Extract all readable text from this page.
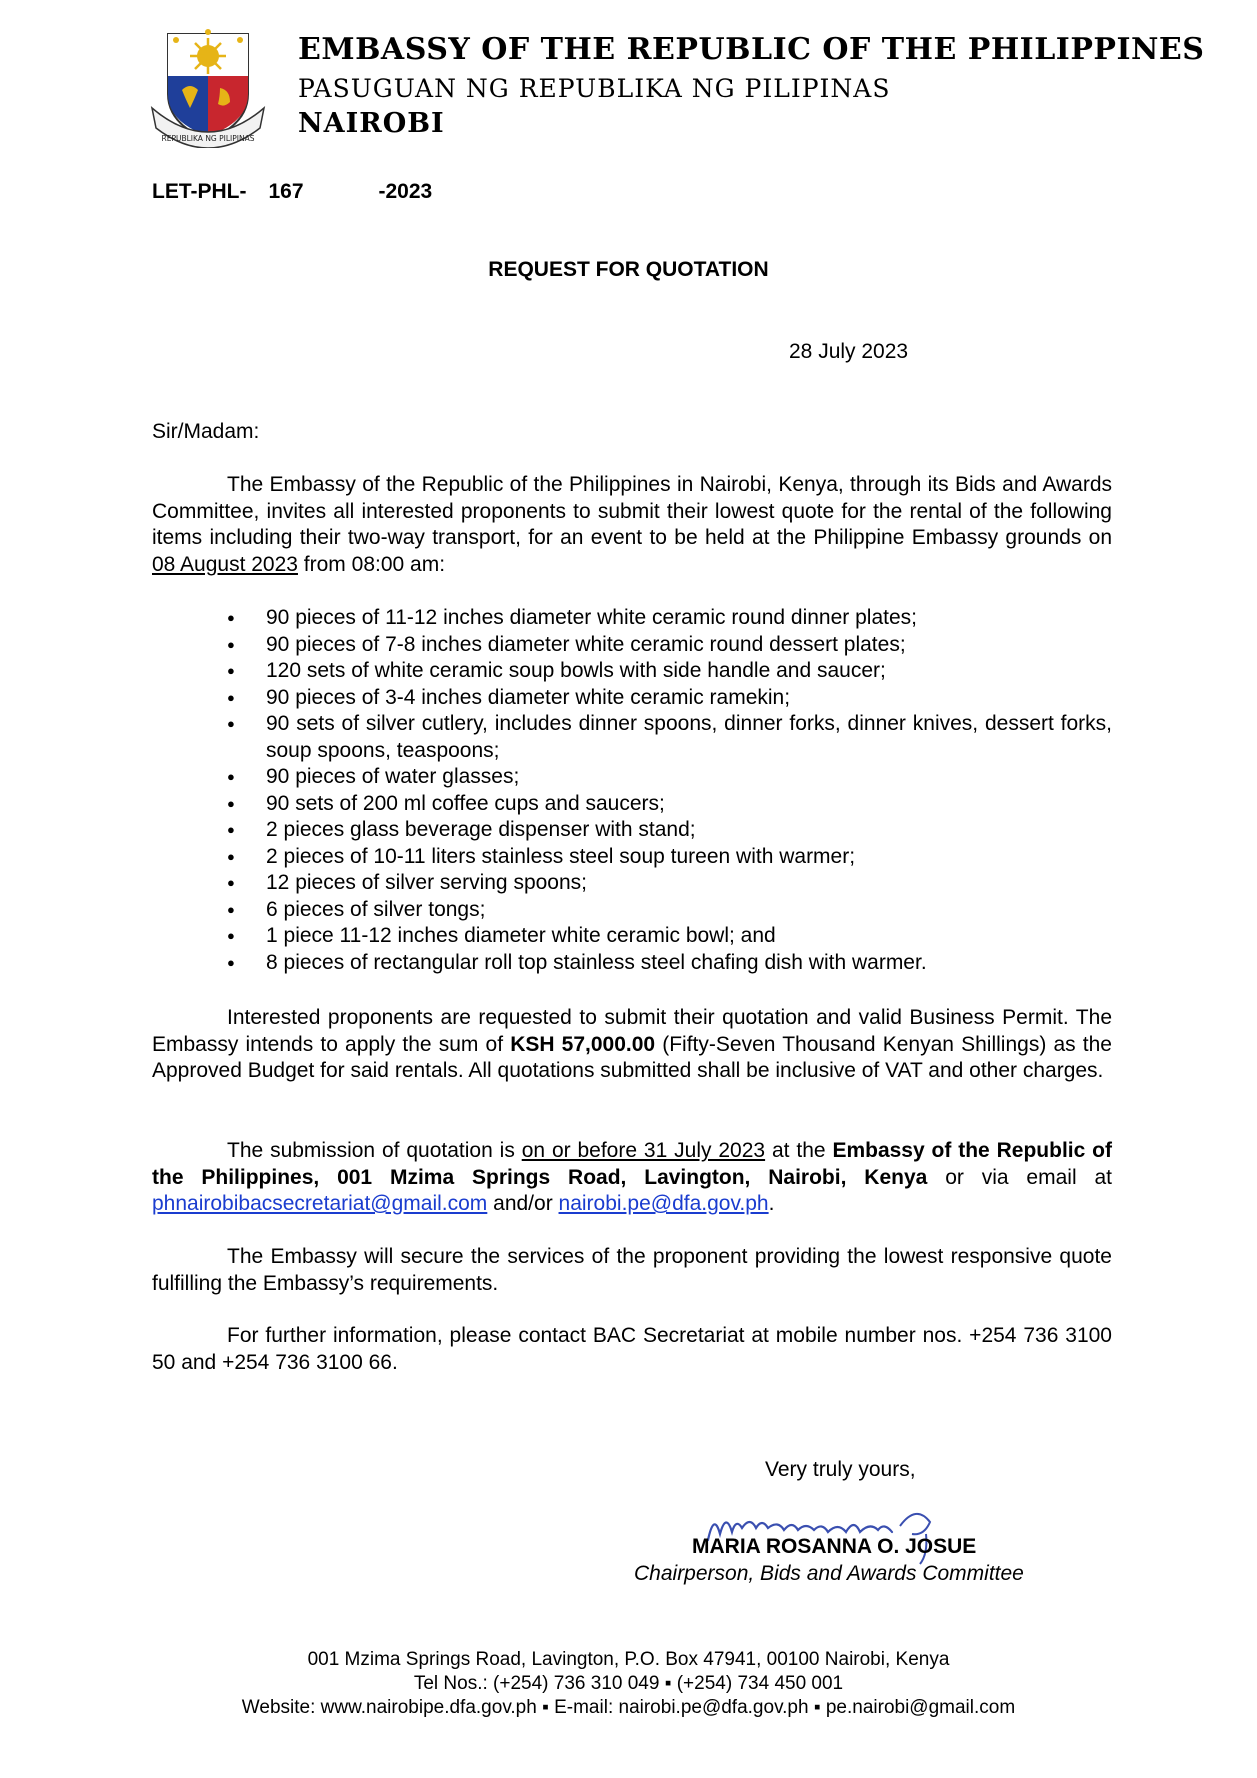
REPUBLIKA NG PILIPINAS
EMBASSY OF THE REPUBLIC OF THE PHILIPPINES
PASUGUAN NG REPUBLIKA NG PILIPINAS
NAIROBI
LET-PHL- 167	-2023
REQUEST FOR QUOTATION
28 July 2023
Sir/Madam:
The Embassy of the Republic of the Philippines in Nairobi, Kenya, through its Bids and Awards Committee, invites all interested proponents to submit their lowest quote for the rental of the following items including their two-way transport, for an event to be held at the Philippine Embassy grounds on 08 August 2023 from 08:00 am:
● 90 pieces of 11-12 inches diameter white ceramic round dinner plates;
● 90 pieces of 7-8 inches diameter white ceramic round dessert plates;
● 120 sets of white ceramic soup bowls with side handle and saucer;
● 90 pieces of 3-4 inches diameter white ceramic ramekin;
● 90 sets of silver cutlery, includes dinner spoons, dinner forks, dinner knives, dessert forks, soup spoons, teaspoons;
● 90 pieces of water glasses;
● 90 sets of 200 ml coffee cups and saucers;
● 2 pieces glass beverage dispenser with stand;
● 2 pieces of 10-11 liters stainless steel soup tureen with warmer;
● 12 pieces of silver serving spoons;
● 6 pieces of silver tongs;
● 1 piece 11-12 inches diameter white ceramic bowl; and
● 8 pieces of rectangular roll top stainless steel chafing dish with warmer.
Interested proponents are requested to submit their quotation and valid Business Permit. The Embassy intends to apply the sum of KSH 57,000.00 (Fifty-Seven Thousand Kenyan Shillings) as the Approved Budget for said rentals. All quotations submitted shall be inclusive of VAT and other charges.
The submission of quotation is on or before 31 July 2023 at the Embassy of the Republic of the Philippines, 001 Mzima Springs Road, Lavington, Nairobi, Kenya or via email at phnairobibacsecretariat@gmail.com and/or nairobi.pe@dfa.gov.ph.
The Embassy will secure the services of the proponent providing the lowest responsive quote fulfilling the Embassy’s requirements.
For further information, please contact BAC Secretariat at mobile number nos. +254 736 3100 50 and +254 736 3100 66.
Very truly yours,
MARIA ROSANNA O. JOSUE
Chairperson, Bids and Awards Committee
001 Mzima Springs Road, Lavington, P.O. Box 47941, 00100 Nairobi, Kenya
Tel Nos.: (+254) 736 310 049 ▪ (+254) 734 450 001
Website: www.nairobipe.dfa.gov.ph ▪ E-mail: nairobi.pe@dfa.gov.ph ▪ pe.nairobi@gmail.com
